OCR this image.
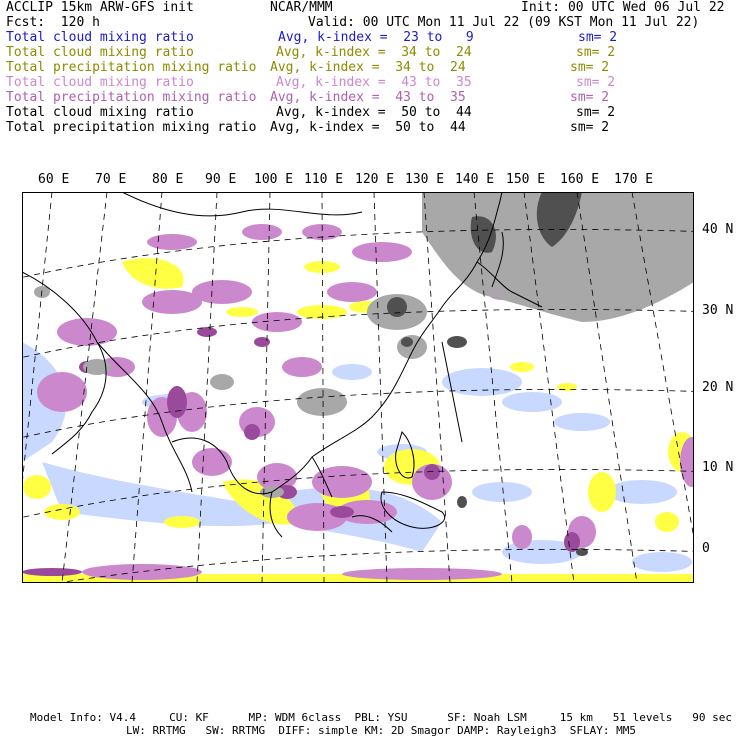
ACCLIP 15km ARW-GFS init	NCAR/MMM	Init: 00 UTC Wed 06 Jul 22
Fcst:  120 h	Valid: 00 UTC Mon 11 Jul 22 (09 KST Mon 11 Jul 22)
Total cloud mixing ratio	Avg, k-index =  23 to   9	sm= 2
Total cloud mixing ratio	Avg, k-index =  34 to  24	sm= 2
Total precipitation mixing ratio Avg, k-index =  34 to  24	sm= 2
Total cloud mixing ratio	Avg, k-index =  43 to  35	sm= 2
Total precipitation mixing ratio Avg, k-index =  43 to  35	sm= 2
Total cloud mixing ratio	Avg, k-index =  50 to  44	sm= 2
Total precipitation mixing ratio Avg, k-index =  50 to  44	sm= 2
60 E 70 E 80 E 90 E 100 E 110 E 120 E 130 E 140 E 150 E 160 E 170 E
40 N
30 N
20 N
10 N
0
Model Info: V4.4     CU: KF      MP: WDM 6class  PBL: YSU      SF: Noah LSM     15 km   51 levels   90 sec
LW: RRTMG   SW: RRTMG  DIFF: simple KM: 2D Smagor DAMP: Rayleigh3  SFLAY: MM5
